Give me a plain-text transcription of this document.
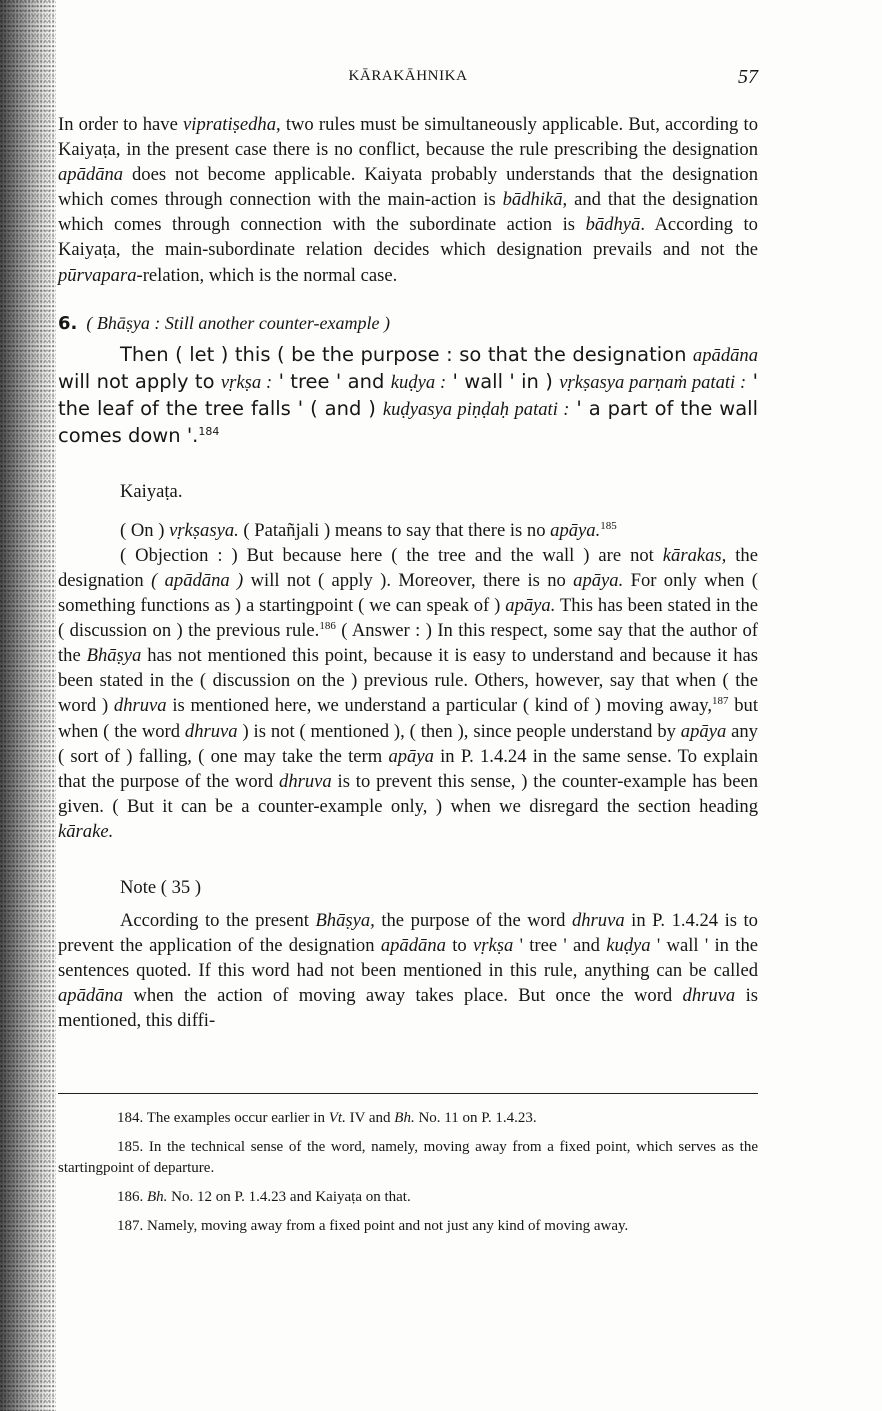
KĀRAKĀHNIKA	57

In order to have vipratiṣedha, two rules must be simultaneously applicable. But, according to Kaiyaṭa, in the present case there is no conflict, because the rule prescribing the designation apādāna does not become applicable. Kaiyata probably understands that the designation which comes through connection with the main-action is bādhikā, and that the designation which comes through connection with the subordinate action is bādhyā. According to Kaiyaṭa, the main-subordinate relation decides which designation prevails and not the pūrvapara-relation, which is the normal case.

6. ( Bhāṣya : Still another counter-example )

Then ( let ) this ( be the purpose : so that the designation apādāna will not apply to vṛkṣa : ' tree ' and kuḍya : ' wall ' in ) vṛkṣasya parṇaṁ patati : ' the leaf of the tree falls ' ( and ) kuḍyasya piṇḍaḥ patati : ' a part of the wall comes down '.$^{184}$

Kaiyaṭa.

( On ) vṛkṣasya. ( Patañjali ) means to say that there is no apāya.$^{185}$

( Objection : ) But because here ( the tree and the wall ) are not kārakas, the designation ( apādāna ) will not ( apply ). Moreover, there is no apāya. For only when ( something functions as ) a startingpoint ( we can speak of ) apāya. This has been stated in the ( discussion on ) the previous rule.$^{186}$ ( Answer : ) In this respect, some say that the author of the Bhāṣya has not mentioned this point, because it is easy to understand and because it has been stated in the ( discussion on the ) previous rule. Others, however, say that when ( the word ) dhruva is mentioned here, we understand a particular ( kind of ) moving away,$^{187}$ but when ( the word dhruva ) is not ( mentioned ), ( then ), since people understand by apāya any ( sort of ) falling, ( one may take the term apāya in P. 1.4.24 in the same sense. To explain that the purpose of the word dhruva is to prevent this sense, ) the counter-example has been given. ( But it can be a counter-example only, ) when we disregard the section heading kārake.

Note ( 35 )

According to the present Bhāṣya, the purpose of the word dhruva in P. 1.4.24 is to prevent the application of the designation apādāna to vṛkṣa ' tree ' and kuḍya ' wall ' in the sentences quoted. If this word had not been mentioned in this rule, anything can be called apādāna when the action of moving away takes place. But once the word dhruva is mentioned, this diffi-

184. The examples occur earlier in Vt. IV and Bh. No. 11 on P. 1.4.23.

185. In the technical sense of the word, namely, moving away from a fixed point, which serves as the startingpoint of departure.

186. Bh. No. 12 on P. 1.4.23 and Kaiyaṭa on that.

187. Namely, moving away from a fixed point and not just any kind of moving away.
